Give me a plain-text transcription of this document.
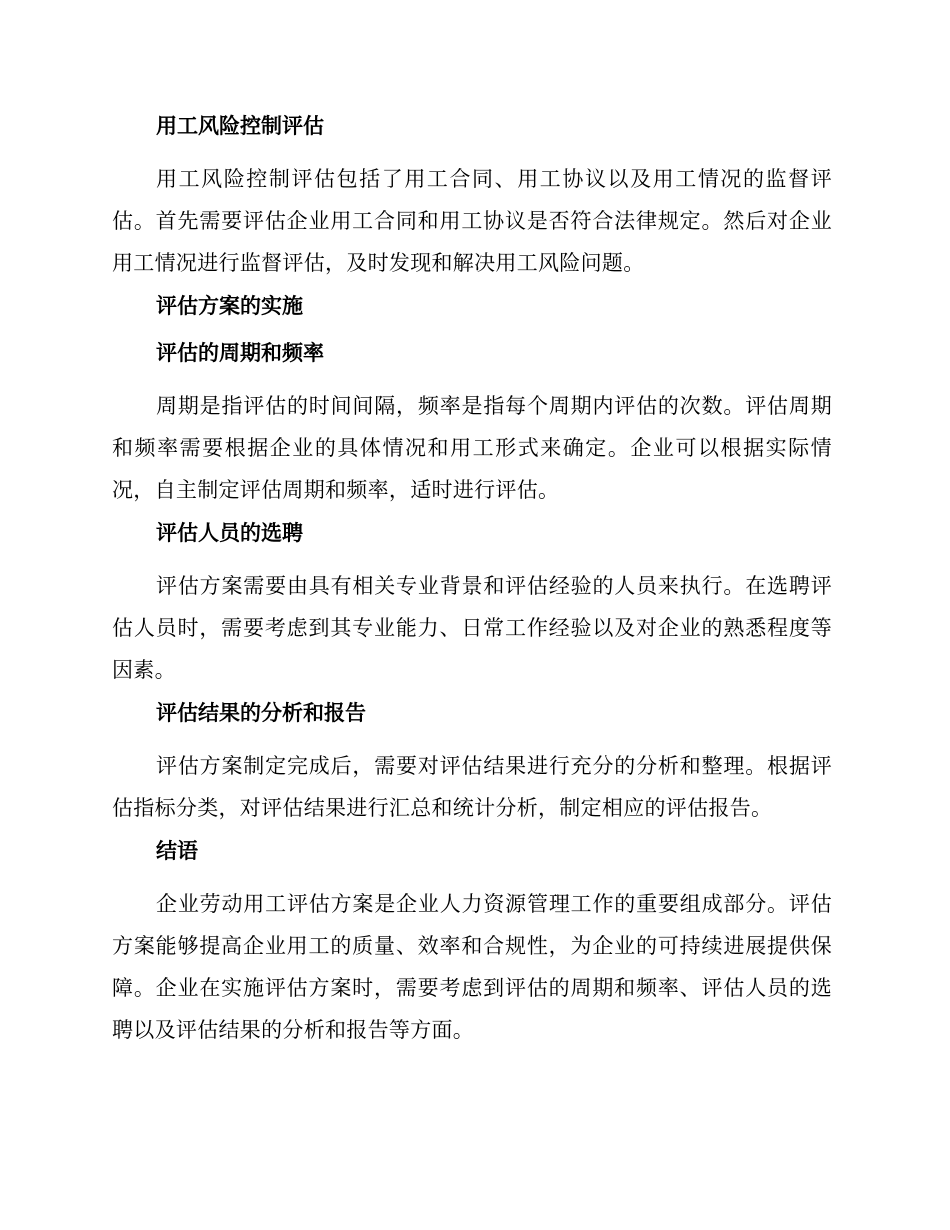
用工风险控制评估

用工风险控制评估包括了用工合同、用工协议以及用工情况的监督评估。首先需要评估企业用工合同和用工协议是否符合法律规定。然后对企业用工情况进行监督评估，及时发现和解决用工风险问题。

评估方案的实施
评估的周期和频率

周期是指评估的时间间隔，频率是指每个周期内评估的次数。评估周期和频率需要根据企业的具体情况和用工形式来确定。企业可以根据实际情况，自主制定评估周期和频率，适时进行评估。

评估人员的选聘

评估方案需要由具有相关专业背景和评估经验的人员来执行。在选聘评估人员时，需要考虑到其专业能力、日常工作经验以及对企业的熟悉程度等因素。

评估结果的分析和报告

评估方案制定完成后，需要对评估结果进行充分的分析和整理。根据评估指标分类，对评估结果进行汇总和统计分析，制定相应的评估报告。

结语

企业劳动用工评估方案是企业人力资源管理工作的重要组成部分。评估方案能够提高企业用工的质量、效率和合规性，为企业的可持续进展提供保障。企业在实施评估方案时，需要考虑到评估的周期和频率、评估人员的选聘以及评估结果的分析和报告等方面。
